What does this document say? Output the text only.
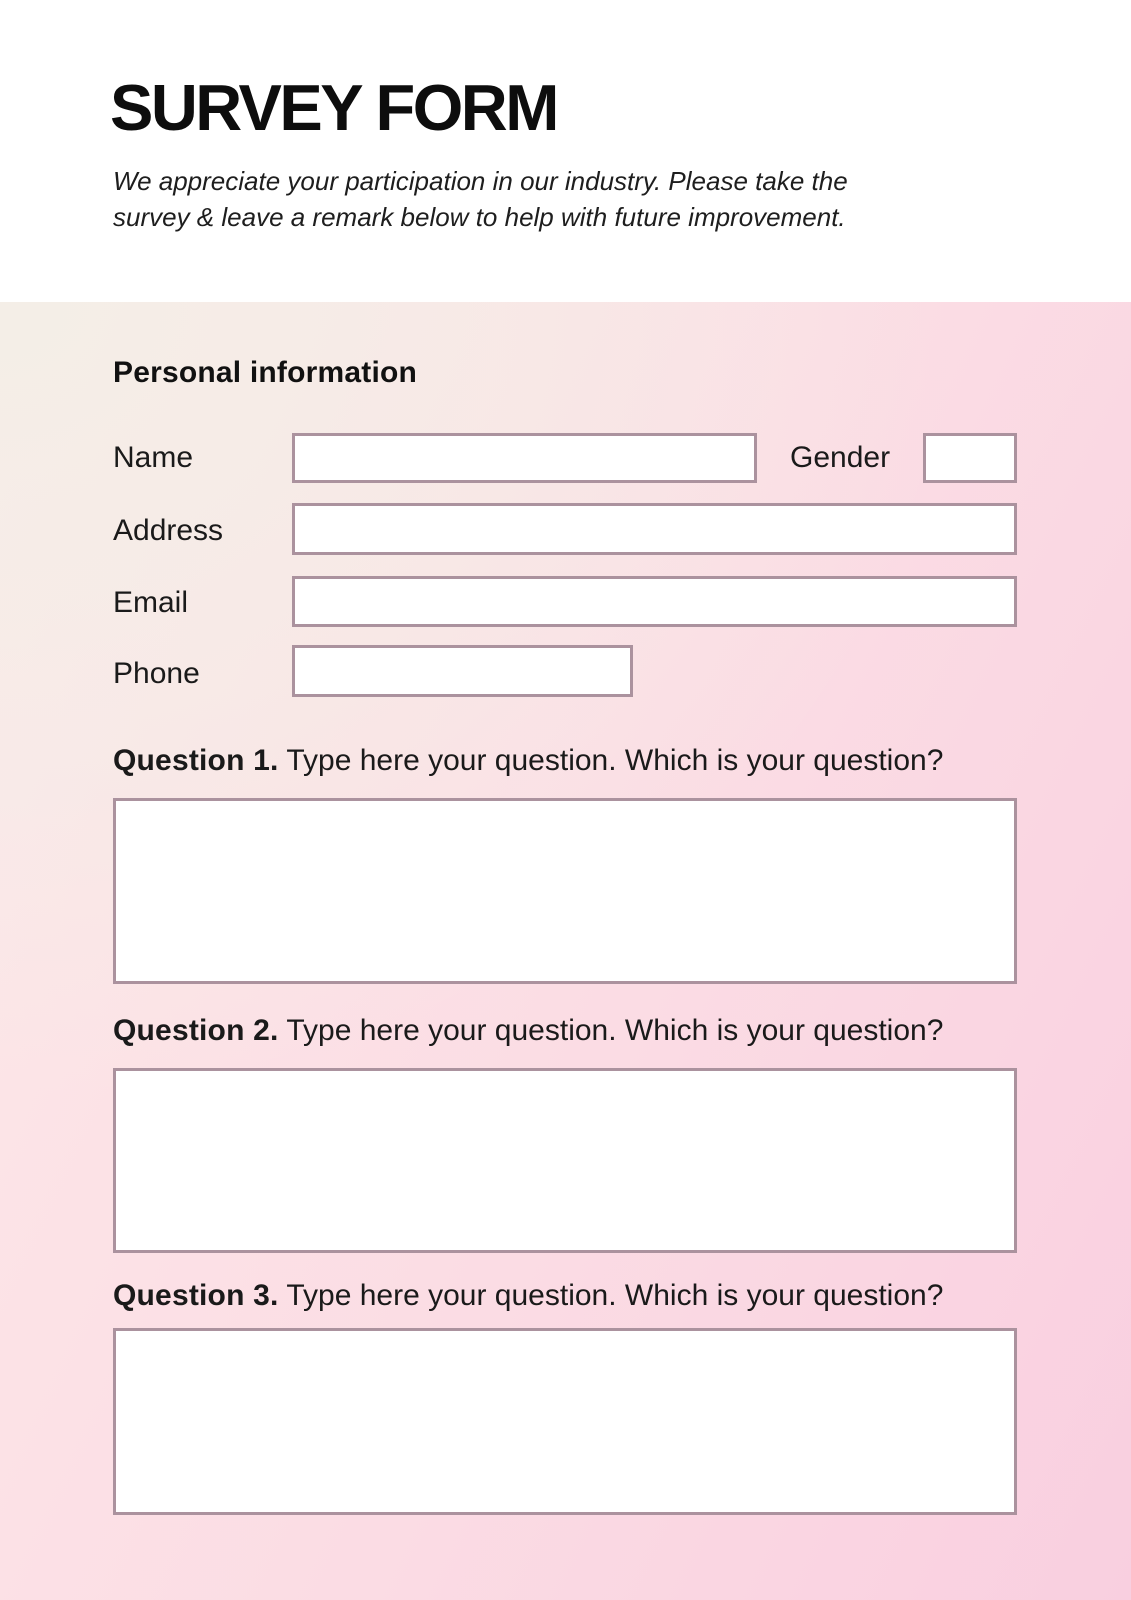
SURVEY FORM
We appreciate your participation in our industry. Please take the
survey & leave a remark below to help with future improvement.
Personal information
Name	Gender
Address
Email
Phone
Question 1. Type here your question. Which is your question?
Question 2. Type here your question. Which is your question?
Question 3. Type here your question. Which is your question?
